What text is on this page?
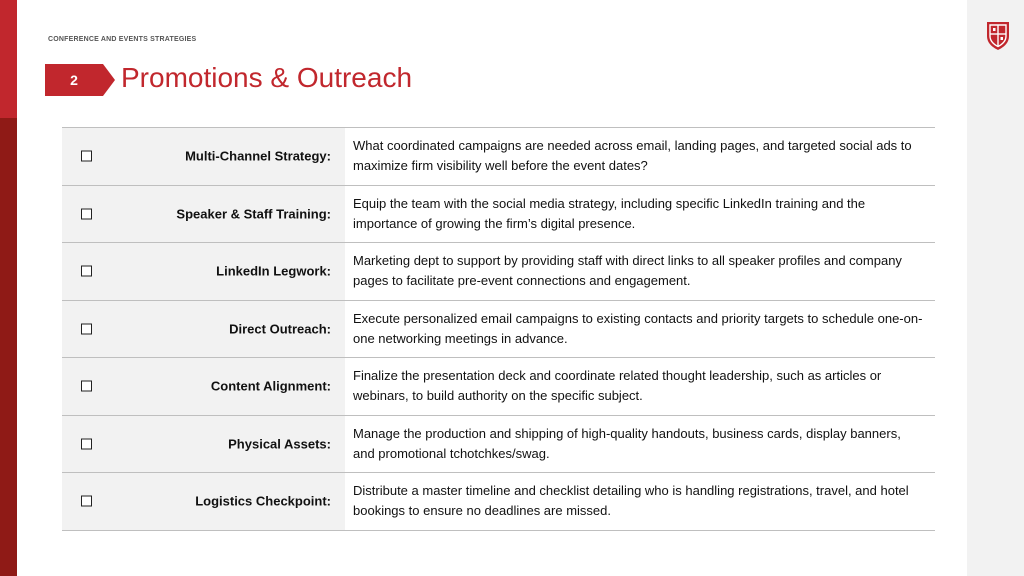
CONFERENCE AND EVENTS STRATEGIES
2	Promotions & Outreach
Multi-Channel Strategy:
What coordinated campaigns are needed across email, landing pages, and targeted social ads to maximize firm visibility well before the event dates?
Speaker & Staff Training:
Equip the team with the social media strategy, including specific LinkedIn training and the importance of growing the firm’s digital presence.
LinkedIn Legwork:
Marketing dept to support by providing staff with direct links to all speaker profiles and company pages to facilitate pre-event connections and engagement.
Direct Outreach:
Execute personalized email campaigns to existing contacts and priority targets to schedule one-on-one networking meetings in advance.
Content Alignment:
Finalize the presentation deck and coordinate related thought leadership, such as articles or webinars, to build authority on the specific subject.
Physical Assets:
Manage the production and shipping of high-quality handouts, business cards, display banners, and promotional tchotchkes/swag.
Logistics Checkpoint:
Distribute a master timeline and checklist detailing who is handling registrations, travel, and hotel bookings to ensure no deadlines are missed.
